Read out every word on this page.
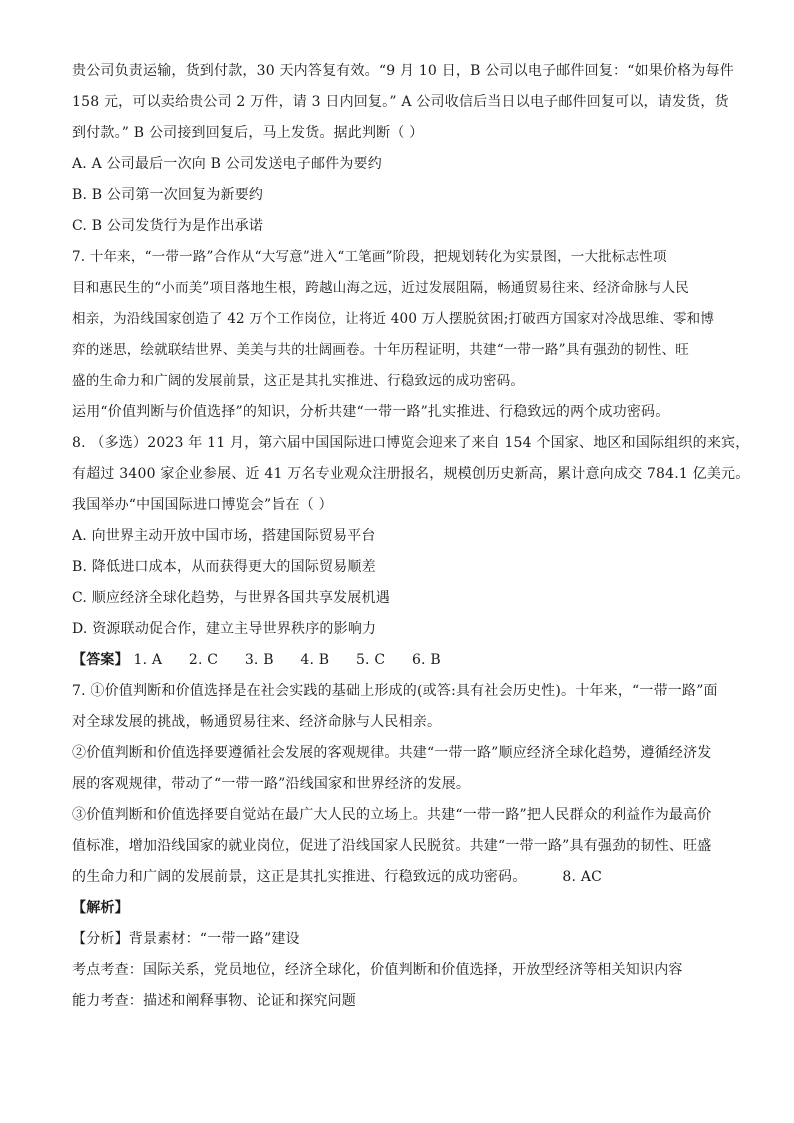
贵公司负责运输，货到付款，30 天内答复有效。“9 月 10 日，B 公司以电子邮件回复：“如果价格为每件
158 元，可以卖给贵公司 2 万件，请 3 日内回复。” A 公司收信后当日以电子邮件回复可以，请发货，货
到付款。” B 公司接到回复后，马上发货。据此判断（ ）
A. A 公司最后一次向 B 公司发送电子邮件为要约
B. B 公司第一次回复为新要约
C. B 公司发货行为是作出承诺
7. 十年来，“一带一路”合作从“大写意”进入“工笔画”阶段，把规划转化为实景图，一大批标志性项
目和惠民生的“小而美”项目落地生根，跨越山海之远，近过发展阻隔，畅通贸易往来、经济命脉与人民
相亲，为沿线国家创造了 42 万个工作岗位，让将近 400 万人摆脱贫困;打破西方国家对冷战思维、零和博
弈的迷思，绘就联结世界、美美与共的壮阔画卷。十年历程证明，共建“一带一路”具有强劲的韧性、旺
盛的生命力和广阔的发展前景，这正是其扎实推进、行稳致远的成功密码。
运用“价值判断与价值选择”的知识，分析共建“一带一路”扎实推进、行稳致远的两个成功密码。
8. （多选）2023 年 11 月，第六届中国国际进口博览会迎来了来自 154 个国家、地区和国际组织的来宾，
有超过 3400 家企业参展、近 41 万名专业观众注册报名，规模创历史新高，累计意向成交 784.1 亿美元。
我国举办“中国国际进口博览会”旨在（ ）
A. 向世界主动开放中国市场，搭建国际贸易平台
B. 降低进口成本，从而获得更大的国际贸易顺差
C. 顺应经济全球化趋势，与世界各国共享发展机遇
D. 资源联动促合作，建立主导世界秩序的影响力
【答案】 1. A 2. C 3. B 4. B 5. C 6. B
7. ①价值判断和价值选择是在社会实践的基础上形成的(或答:具有社会历史性)。十年来，“一带一路”面
对全球发展的挑战，畅通贸易往来、经济命脉与人民相亲。
②价值判断和价值选择要遵循社会发展的客观规律。共建“一带一路”顺应经济全球化趋势，遵循经济发
展的客观规律，带动了“一带一路”沿线国家和世界经济的发展。
③价值判断和价值选择要自觉站在最广大人民的立场上。共建“一带一路”把人民群众的利益作为最高价
值标准，增加沿线国家的就业岗位，促进了沿线国家人民脱贫。共建“一带一路”具有强劲的韧性、旺盛
的生命力和广阔的发展前景，这正是其扎实推进、行稳致远的成功密码。	8. AC
【解析】
【分析】背景素材：“一带一路”建设
考点考查：国际关系，党员地位，经济全球化，价值判断和价值选择，开放型经济等相关知识内容
能力考查：描述和阐释事物、论证和探究问题
